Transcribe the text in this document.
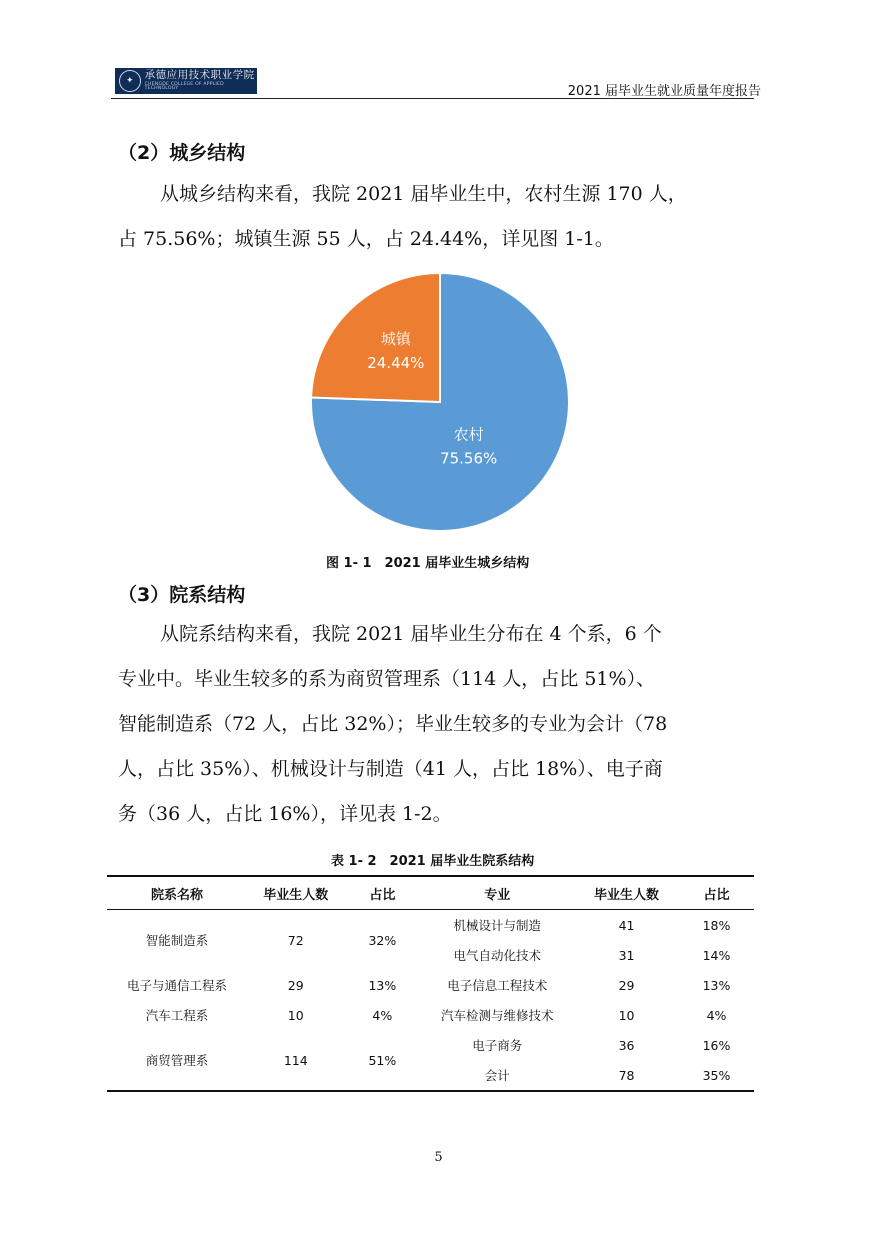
✦	承德应用技术职业学院
CHENGDE COLLEGE OF APPLIED TECHNOLOGY	2021 届毕业生就业质量年度报告
（2）城乡结构
从城乡结构来看，我院 2021 届毕业生中，农村生源 170 人，
占 75.56%；城镇生源 55 人，占 24.44%，详见图 1-1。
农村
75.56%
城镇
24.44%
图 1- 1　2021 届毕业生城乡结构
（3）院系结构
从院系结构来看，我院 2021 届毕业生分布在 4 个系，6 个
专业中。毕业生较多的系为商贸管理系（114 人，占比 51%）、
智能制造系（72 人，占比 32%）；毕业生较多的专业为会计（78
人，占比 35%）、机械设计与制造（41 人，占比 18%）、电子商
务（36 人，占比 16%），详见表 1-2。
表 1- 2　2021 届毕业生院系结构
院系名称	毕业生人数	占比	专业	毕业生人数	占比
智能制造系	72	32%	机械设计与制造	41	18%
			电气自动化技术	31	14%
电子与通信工程系	29	13%	电子信息工程技术	29	13%
汽车工程系	10	4%	汽车检测与维修技术	10	4%
商贸管理系	114	51%	电子商务	36	16%
			会计	78	35%
5
